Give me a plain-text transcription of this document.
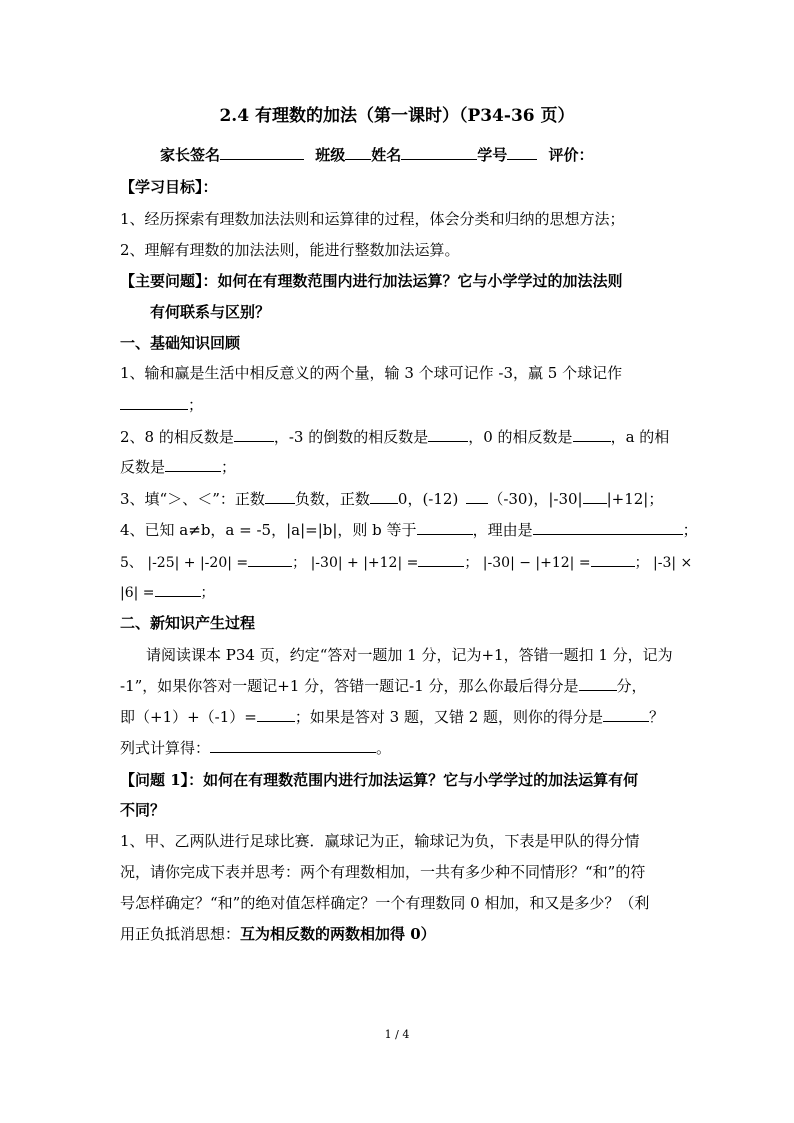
2.4 有理数的加法（第一课时）（P34-36 页）
家长签名	班级 姓名	学号	评价：
【学习目标】：
1、经历探索有理数加法法则和运算律的过程，体会分类和归纳的思想方法；
2、理解有理数的加法法则，能进行整数加法运算。
【主要问题】：如何在有理数范围内进行加法运算？它与小学学过的加法法则
有何联系与区别？
一、基础知识回顾
1、输和赢是生活中相反意义的两个量，输 3 个球可记作 -3，赢 5 个球记作
；
2、8 的相反数是	，-3 的倒数的相反数是	，0 的相反数是	，a 的相
反数是	；
3、填“＞、＜”：正数 负数，正数 0，(-12) （-30)，|-30| |+12|；
4、已知 a≠b，a = -5，|a|=|b|，则 b 等于	，理由是	；
5、 |-25| + |-20| =	； |-30| + |+12| =	； |-30| − |+12| =	； |-3| ×
|6| =	；
二、新知识产生过程
请阅读课本 P34 页，约定“答对一题加 1 分，记为+1，答错一题扣 1 分，记为
-1”，如果你答对一题记+1 分，答错一题记-1 分，那么你最后得分是	分，
即（+1）+（-1）=	；如果是答对 3 题，又错 2 题，则你的得分是	？
列式计算得：	。
【问题 1】：如何在有理数范围内进行加法运算？它与小学学过的加法运算有何
不同？
1、甲、乙两队进行足球比赛．赢球记为正，输球记为负，下表是甲队的得分情
况，请你完成下表并思考：两个有理数相加，一共有多少种不同情形？“和”的符
号怎样确定？“和”的绝对值怎样确定？一个有理数同 0 相加，和又是多少？（利
用正负抵消思想：互为相反数的两数相加得 0）
1 / 4
